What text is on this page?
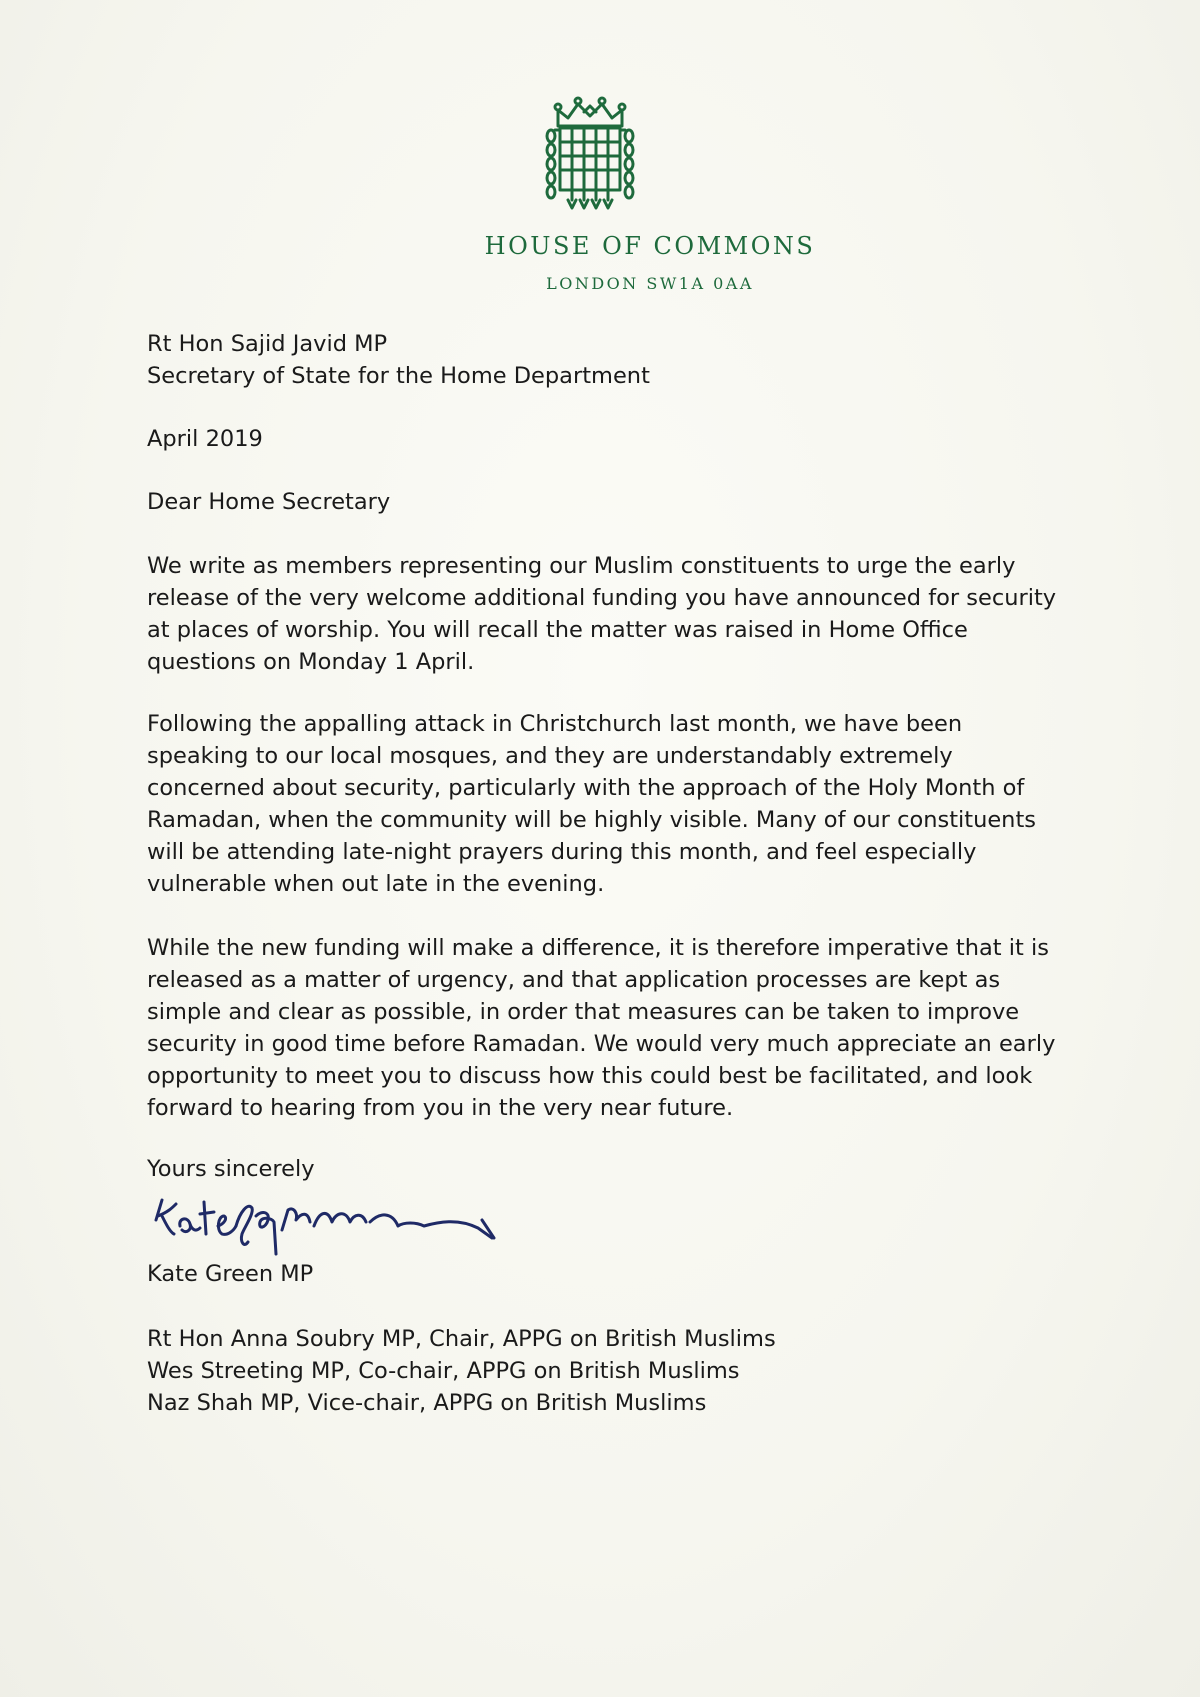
HOUSE OF COMMONS
LONDON SW1A 0AA
Rt Hon Sajid Javid MP
Secretary of State for the Home Department

April 2019

Dear Home Secretary

We write as members representing our Muslim constituents to urge the early release of the very welcome additional funding you have announced for security at places of worship. You will recall the matter was raised in Home Office questions on Monday 1 April.

Following the appalling attack in Christchurch last month, we have been speaking to our local mosques, and they are understandably extremely concerned about security, particularly with the approach of the Holy Month of Ramadan, when the community will be highly visible. Many of our constituents will be attending late-night prayers during this month, and feel especially vulnerable when out late in the evening.

While the new funding will make a difference, it is therefore imperative that it is released as a matter of urgency, and that application processes are kept as simple and clear as possible, in order that measures can be taken to improve security in good time before Ramadan. We would very much appreciate an early opportunity to meet you to discuss how this could best be facilitated, and look forward to hearing from you in the very near future.

Yours sincerely

Kate Green MP

Rt Hon Anna Soubry MP, Chair, APPG on British Muslims
Wes Streeting MP, Co-chair, APPG on British Muslims
Naz Shah MP, Vice-chair, APPG on British Muslims
